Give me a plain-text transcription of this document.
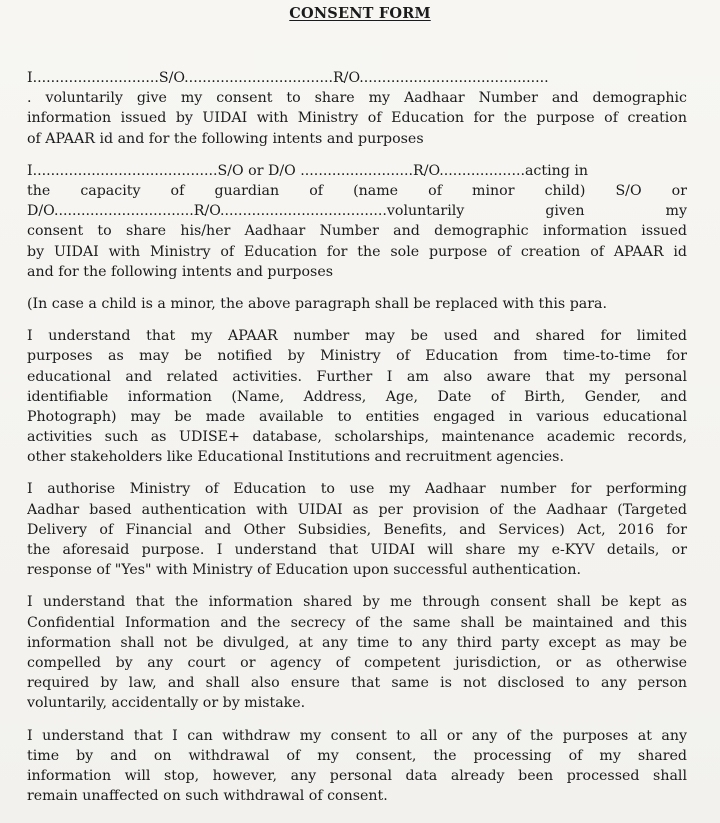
CONSENT FORM
I............................S/O.................................R/O..........................................
. voluntarily give my consent to share my Aadhaar Number and demographic
information issued by UIDAI with Ministry of Education for the purpose of creation
of APAAR id and for the following intents and purposes
I.........................................S/O or D/O .........................R/O...................acting in
the capacity of guardian of (name of minor child) S/O or
D/O...............................R/O.....................................voluntarily given my
consent to share his/her Aadhaar Number and demographic information issued
by UIDAI with Ministry of Education for the sole purpose of creation of APAAR id
and for the following intents and purposes
(In case a child is a minor, the above paragraph shall be replaced with this para.
I understand that my APAAR number may be used and shared for limited
purposes as may be notified by Ministry of Education from time-to-time for
educational and related activities. Further I am also aware that my personal
identifiable information (Name, Address, Age, Date of Birth, Gender, and
Photograph) may be made available to entities engaged in various educational
activities such as UDISE+ database, scholarships, maintenance academic records,
other stakeholders like Educational Institutions and recruitment agencies.
I authorise Ministry of Education to use my Aadhaar number for performing
Aadhar based authentication with UIDAI as per provision of the Aadhaar (Targeted
Delivery of Financial and Other Subsidies, Benefits, and Services) Act, 2016 for
the aforesaid purpose. I understand that UIDAI will share my e-KYV details, or
response of "Yes" with Ministry of Education upon successful authentication.
I understand that the information shared by me through consent shall be kept as
Confidential Information and the secrecy of the same shall be maintained and this
information shall not be divulged, at any time to any third party except as may be
compelled by any court or agency of competent jurisdiction, or as otherwise
required by law, and shall also ensure that same is not disclosed to any person
voluntarily, accidentally or by mistake.
I understand that I can withdraw my consent to all or any of the purposes at any
time by and on withdrawal of my consent, the processing of my shared
information will stop, however, any personal data already been processed shall
remain unaffected on such withdrawal of consent.
